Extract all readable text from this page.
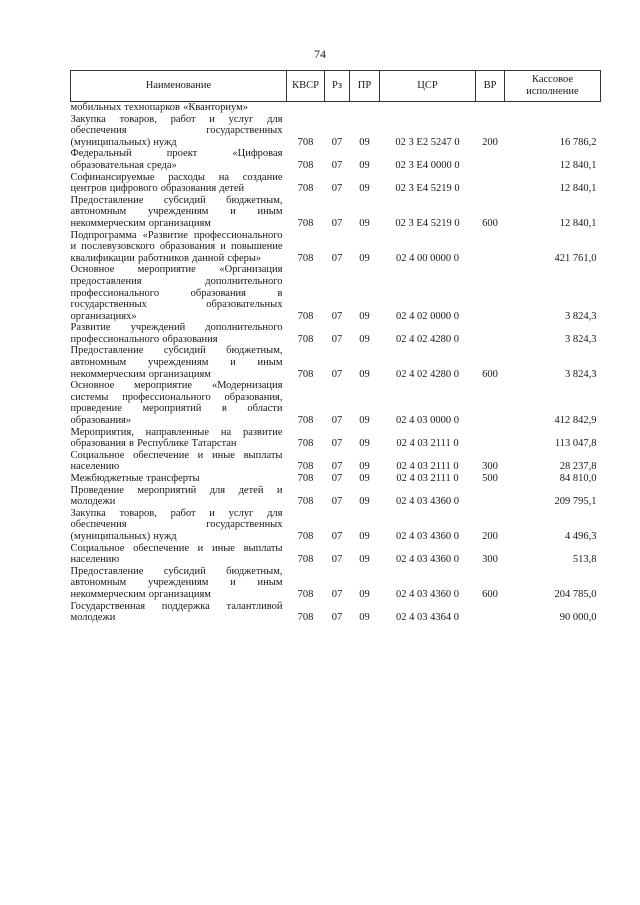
74
Наименование	КВСР	Рз	ПР	ЦСР	ВР	Кассовое исполнение
мобильных технопарков «Кванториум»						
Закупка товаров, работ и услуг для обеспечения государственных (муниципальных) нужд	708	07	09	02 3 E2 5247 0	200	16 786,2
Федеральный проект «Цифровая образовательная среда»	708	07	09	02 3 E4 0000 0		12 840,1
Софинансируемые расходы на создание центров цифрового образования детей	708	07	09	02 3 E4 5219 0		12 840,1
Предоставление субсидий бюджетным, автономным учреждениям и иным некоммерческим организациям	708	07	09	02 3 E4 5219 0	600	12 840,1
Подпрограмма «Развитие профессионального и послевузовского образования и повышение квалификации работников данной сферы»	708	07	09	02 4 00 0000 0		421 761,0
Основное мероприятие «Организация предоставления дополнительного профессионального образования в государственных образовательных организациях»	708	07	09	02 4 02 0000 0		3 824,3
Развитие учреждений дополнительного профессионального образования	708	07	09	02 4 02 4280 0		3 824,3
Предоставление субсидий бюджетным, автономным учреждениям и иным некоммерческим организациям	708	07	09	02 4 02 4280 0	600	3 824,3
Основное мероприятие «Модернизация системы профессионального образования, проведение мероприятий в области образования»	708	07	09	02 4 03 0000 0		412 842,9
Мероприятия, направленные на развитие образования в Республике Татарстан	708	07	09	02 4 03 2111 0		113 047,8
Социальное обеспечение и иные выплаты населению	708	07	09	02 4 03 2111 0	300	28 237,8
Межбюджетные трансферты	708	07	09	02 4 03 2111 0	500	84 810,0
Проведение мероприятий для детей и молодежи	708	07	09	02 4 03 4360 0		209 795,1
Закупка товаров, работ и услуг для обеспечения государственных (муниципальных) нужд	708	07	09	02 4 03 4360 0	200	4 496,3
Социальное обеспечение и иные выплаты населению	708	07	09	02 4 03 4360 0	300	513,8
Предоставление субсидий бюджетным, автономным учреждениям и иным некоммерческим организациям	708	07	09	02 4 03 4360 0	600	204 785,0
Государственная поддержка талантливой молодежи	708	07	09	02 4 03 4364 0		90 000,0
